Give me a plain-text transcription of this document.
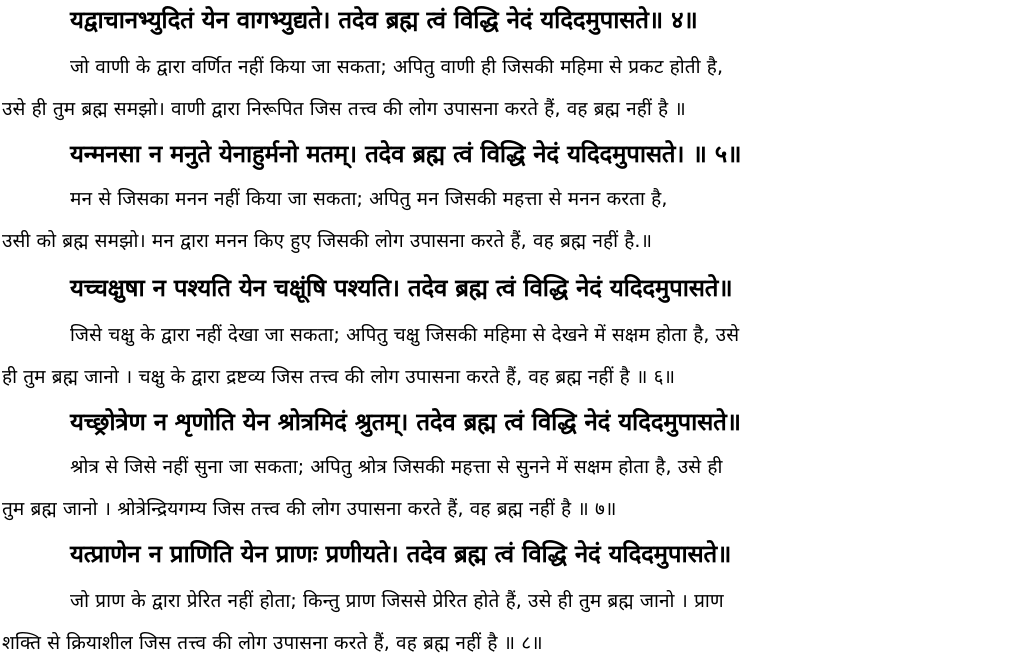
यद्वाचानभ्युदितं येन वागभ्युद्यते। तदेव ब्रह्म त्वं विद्धि नेदं यदिदमुपासते॥ ४॥
जो वाणी के द्वारा वर्णित नहीं किया जा सकता; अपितु वाणी ही जिसकी महिमा से प्रकट होती है,
उसे ही तुम ब्रह्म समझो। वाणी द्वारा निरूपित जिस तत्त्व की लोग उपासना करते हैं, वह ब्रह्म नहीं है ॥
यन्मनसा न मनुते येनाहुर्मनो मतम्। तदेव ब्रह्म त्वं विद्धि नेदं यदिदमुपासते। ॥ ५॥
मन से जिसका मनन नहीं किया जा सकता; अपितु मन जिसकी महत्ता से मनन करता है,
उसी को ब्रह्म समझो। मन द्वारा मनन किए हुए जिसकी लोग उपासना करते हैं, वह ब्रह्म नहीं है.॥
यच्चक्षुषा न पश्यति येन चक्षूंषि पश्यति। तदेव ब्रह्म त्वं विद्धि नेदं यदिदमुपासते॥
जिसे चक्षु के द्वारा नहीं देखा जा सकता; अपितु चक्षु जिसकी महिमा से देखने में सक्षम होता है, उसे
ही तुम ब्रह्म जानो । चक्षु के द्वारा द्रष्टव्य जिस तत्त्व की लोग उपासना करते हैं, वह ब्रह्म नहीं है ॥ ६॥
यच्छ्रोत्रेण न शृणोति येन श्रोत्रमिदं श्रुतम्। तदेव ब्रह्म त्वं विद्धि नेदं यदिदमुपासते॥
श्रोत्र से जिसे नहीं सुना जा सकता; अपितु श्रोत्र जिसकी महत्ता से सुनने में सक्षम होता है, उसे ही
तुम ब्रह्म जानो । श्रोत्रेन्द्रियगम्य जिस तत्त्व की लोग उपासना करते हैं, वह ब्रह्म नहीं है ॥ ७॥
यत्प्राणेन न प्राणिति येन प्राणः प्रणीयते। तदेव ब्रह्म त्वं विद्धि नेदं यदिदमुपासते॥
जो प्राण के द्वारा प्रेरित नहीं होता; किन्तु प्राण जिससे प्रेरित होते हैं, उसे ही तुम ब्रह्म जानो । प्राण
शक्ति से क्रियाशील जिस तत्त्व की लोग उपासना करते हैं, वह ब्रह्म नहीं है ॥ ८॥
